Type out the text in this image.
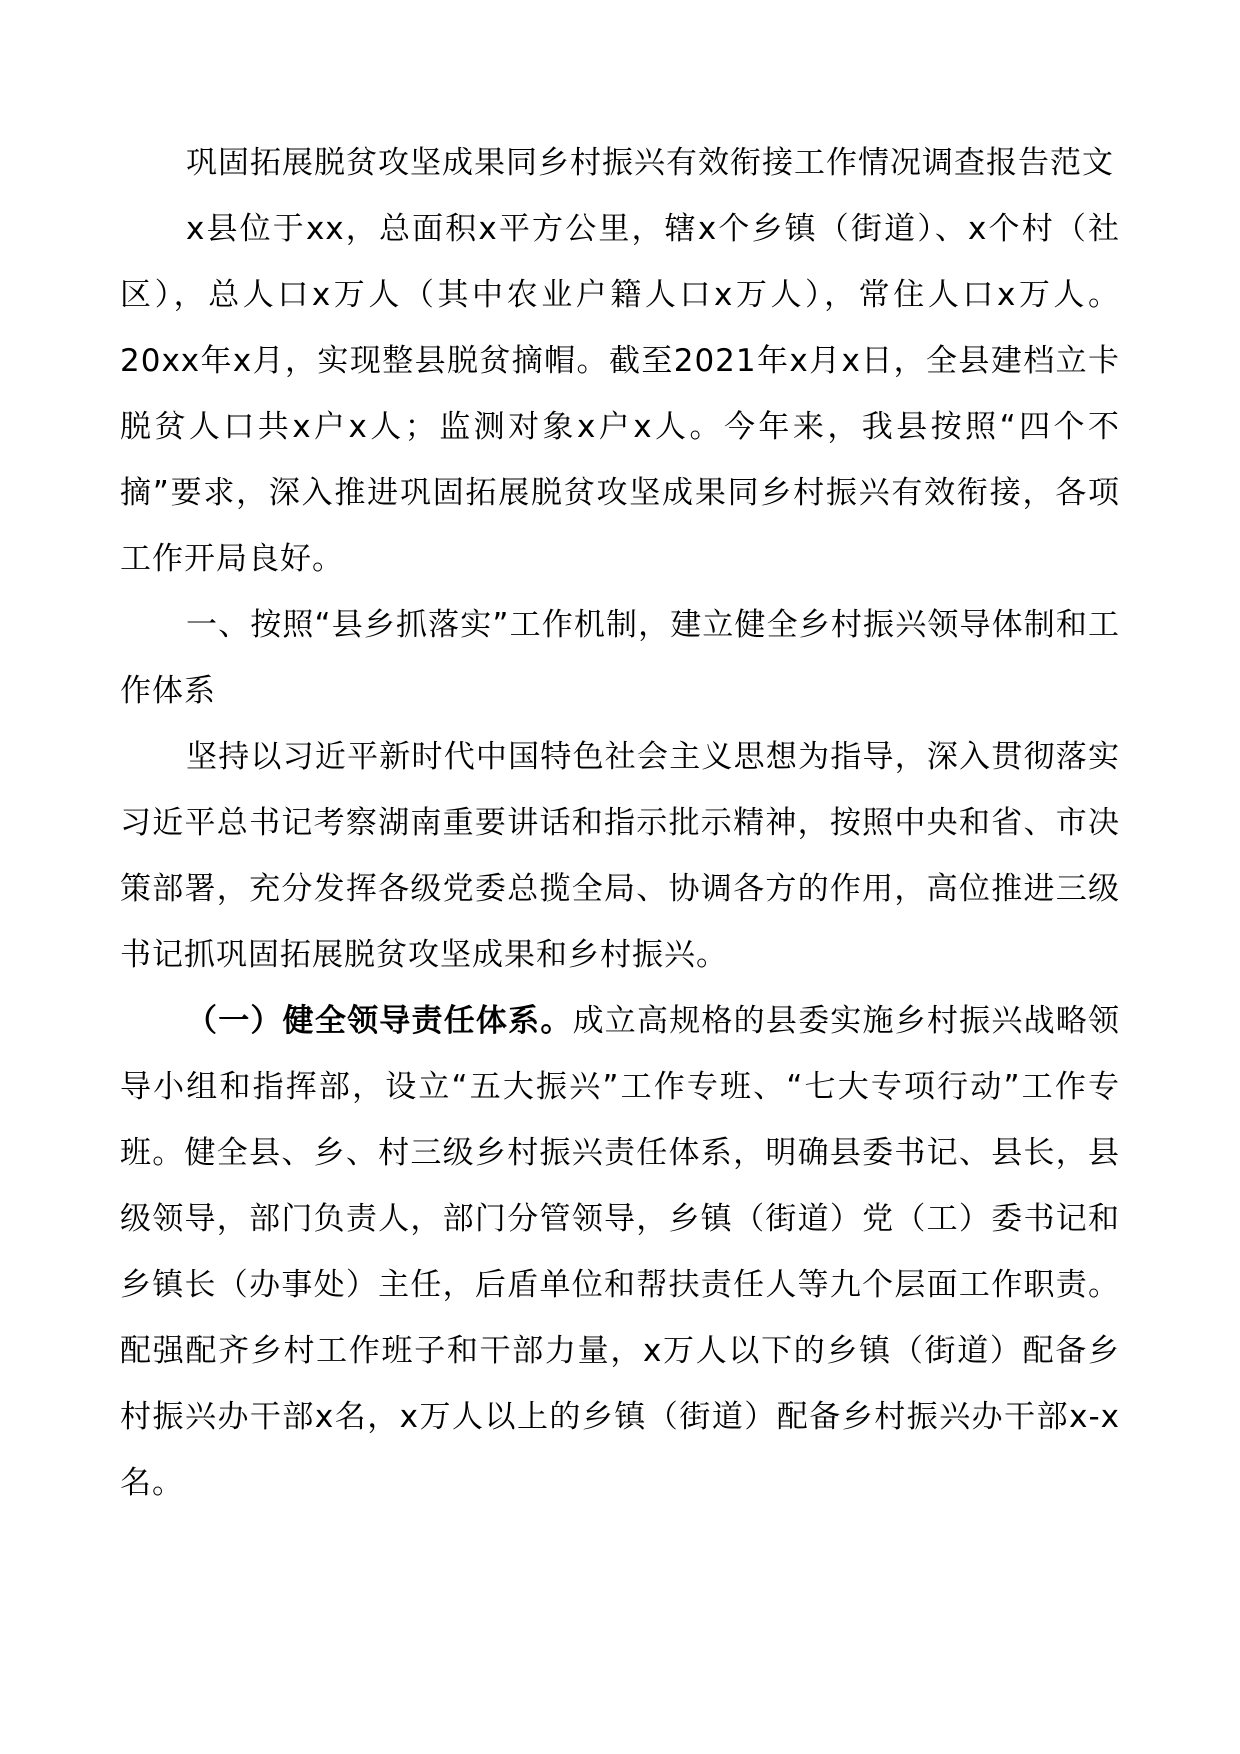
巩固拓展脱贫攻坚成果同乡村振兴有效衔接工作情况调查报告范文

x县位于xx，总面积x平方公里，辖x个乡镇（街道）、x个村（社区），总人口x万人（其中农业户籍人口x万人），常住人口x万人。20xx年x月，实现整县脱贫摘帽。截至2021年x月x日，全县建档立卡脱贫人口共x户x人；监测对象x户x人。今年来，我县按照“四个不摘”要求，深入推进巩固拓展脱贫攻坚成果同乡村振兴有效衔接，各项工作开局良好。

一、按照“县乡抓落实”工作机制，建立健全乡村振兴领导体制和工作体系

坚持以习近平新时代中国特色社会主义思想为指导，深入贯彻落实习近平总书记考察湖南重要讲话和指示批示精神，按照中央和省、市决策部署，充分发挥各级党委总揽全局、协调各方的作用，高位推进三级书记抓巩固拓展脱贫攻坚成果和乡村振兴。

（一）健全领导责任体系。成立高规格的县委实施乡村振兴战略领导小组和指挥部，设立“五大振兴”工作专班、“七大专项行动”工作专班。健全县、乡、村三级乡村振兴责任体系，明确县委书记、县长，县级领导，部门负责人，部门分管领导，乡镇（街道）党（工）委书记和乡镇长（办事处）主任，后盾单位和帮扶责任人等九个层面工作职责。配强配齐乡村工作班子和干部力量，x万人以下的乡镇（街道）配备乡村振兴办干部x名，x万人以上的乡镇（街道）配备乡村振兴办干部x-x名。
